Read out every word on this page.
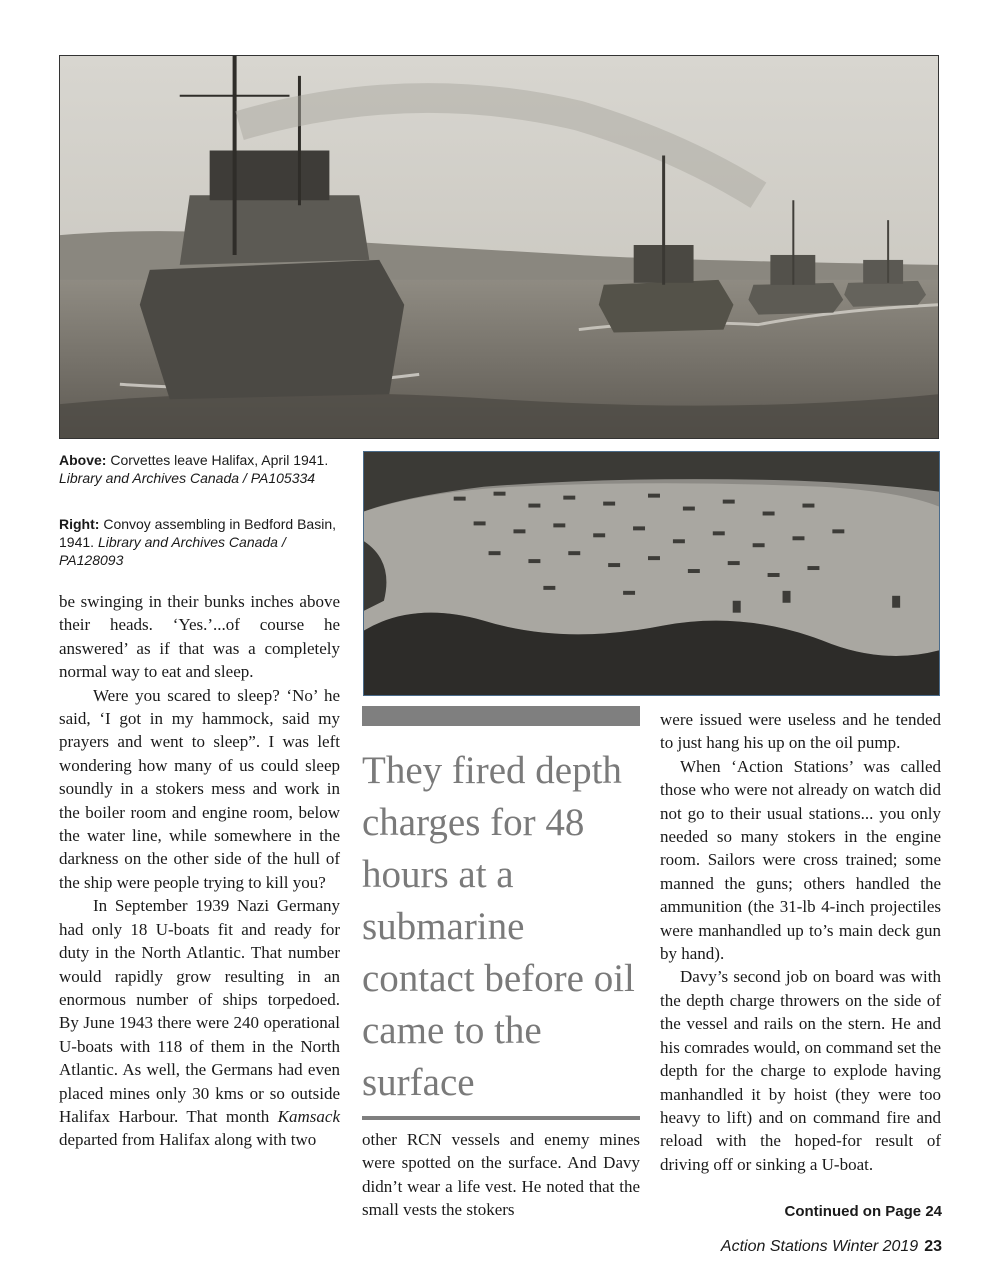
Above: Corvettes leave Halifax, April 1941. Library and Archives Canada / PA105334
Right: Convoy assembling in Bedford Basin, 1941. Library and Archives Canada / PA128093

be swinging in their bunks inches above their heads. ‘Yes.’...of course he answered’ as if that was a completely normal way to eat and sleep.

Were you scared to sleep? ‘No’ he said, ‘I got in my hammock, said my prayers and went to sleep”. I was left wondering how many of us could sleep soundly in a stokers mess and work in the boiler room and engine room, below the water line, while somewhere in the darkness on the other side of the hull of the ship were people trying to kill you?

In September 1939 Nazi Germany had only 18 U-boats fit and ready for duty in the North Atlantic. That number would rapidly grow resulting in an enormous number of ships torpedoed. By June 1943 there were 240 operational U-boats with 118 of them in the North Atlantic. As well, the Germans had even placed mines only 30 kms or so outside Halifax Harbour. That month Kamsack departed from Halifax along with two

They fired depth charges for 48 hours at a submarine contact before oil came to the surface

other RCN vessels and enemy mines were spotted on the surface. And Davy didn’t wear a life vest. He noted that the small vests the stokers

were issued were useless and he tended to just hang his up on the oil pump.

When ‘Action Stations’ was called those who were not already on watch did not go to their usual stations... you only needed so many stokers in the engine room. Sailors were cross trained; some manned the guns; others handled the ammunition (the 31-lb 4-inch projectiles were manhandled up to’s main deck gun by hand).

Davy’s second job on board was with the depth charge throwers on the side of the vessel and rails on the stern. He and his comrades would, on command set the depth for the charge to explode having manhandled it by hoist (they were too heavy to lift) and on command fire and reload with the hoped-for result of driving off or sinking a U-boat.

Continued on Page 24
Action Stations Winter 2019 23
